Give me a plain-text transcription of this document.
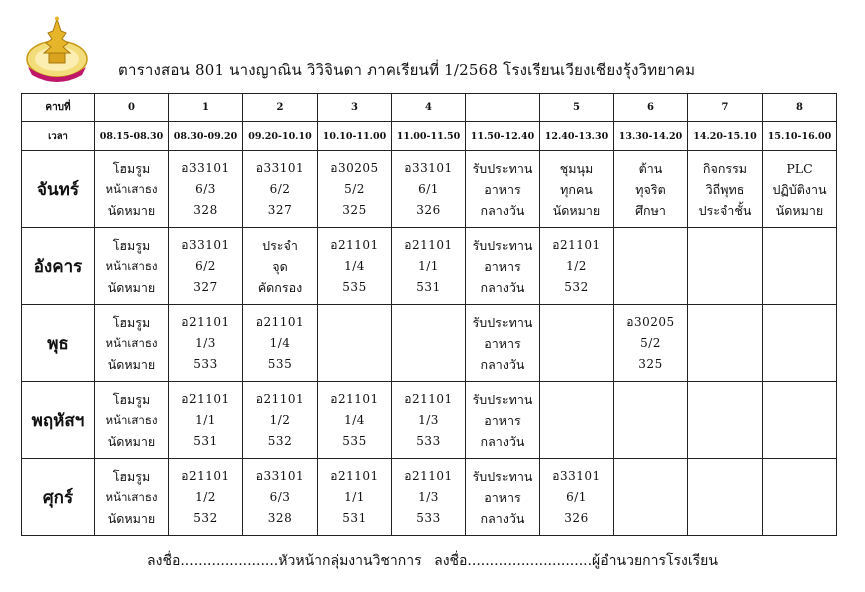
ตารางสอน 801 นางญาณิน วิวิจินดา ภาคเรียนที่ 1/2568 โรงเรียนเวียงเชียงรุ้งวิทยาคม
คาบที่	0	1	2	3	4		5	6	7	8
เวลา	08.15-08.30	08.30-09.20	09.20-10.10	10.10-11.00	11.00-11.50	11.50-12.40	12.40-13.30	13.30-14.20	14.20-15.10	15.10-16.00
จันทร์	โฮมรูม
หน้าเสาธง
นัดหมาย	อ33101
6/3
328	อ33101
6/2
327	อ30205
5/2
325	อ33101
6/1
326	รับประทาน
อาหาร
กลางวัน	ชุมนุม
ทุกคน
นัดหมาย	ต้าน
ทุจริต
ศึกษา	กิจกรรม
วิถีพุทธ
ประจำชั้น	PLC
ปฏิบัติงาน
นัดหมาย

อังคาร	โฮมรูม
หน้าเสาธง
นัดหมาย	อ33101
6/2
327	ประจำ
จุด
คัดกรอง	อ21101
1/4
535	อ21101
1/1
531	รับประทาน
อาหาร
กลางวัน	อ21101
1/2
532			

พุธ	โฮมรูม
หน้าเสาธง
นัดหมาย	อ21101
1/3
533	อ21101
1/4
535			รับประทาน
อาหาร
กลางวัน		อ30205
5/2
325		

พฤหัสฯ	โฮมรูม
หน้าเสาธง
นัดหมาย	อ21101
1/1
531	อ21101
1/2
532	อ21101
1/4
535	อ21101
1/3
533	รับประทาน
อาหาร
กลางวัน				

ศุกร์	โฮมรูม
หน้าเสาธง
นัดหมาย	อ21101
1/2
532	อ33101
6/3
328	อ21101
1/1
531	อ21101
1/3
533	รับประทาน
อาหาร
กลางวัน	อ33101
6/1
326			

ลงชื่อ......................หัวหน้ากลุ่มงานวิชาการ ลงชื่อ............................ผู้อำนวยการโรงเรียน
